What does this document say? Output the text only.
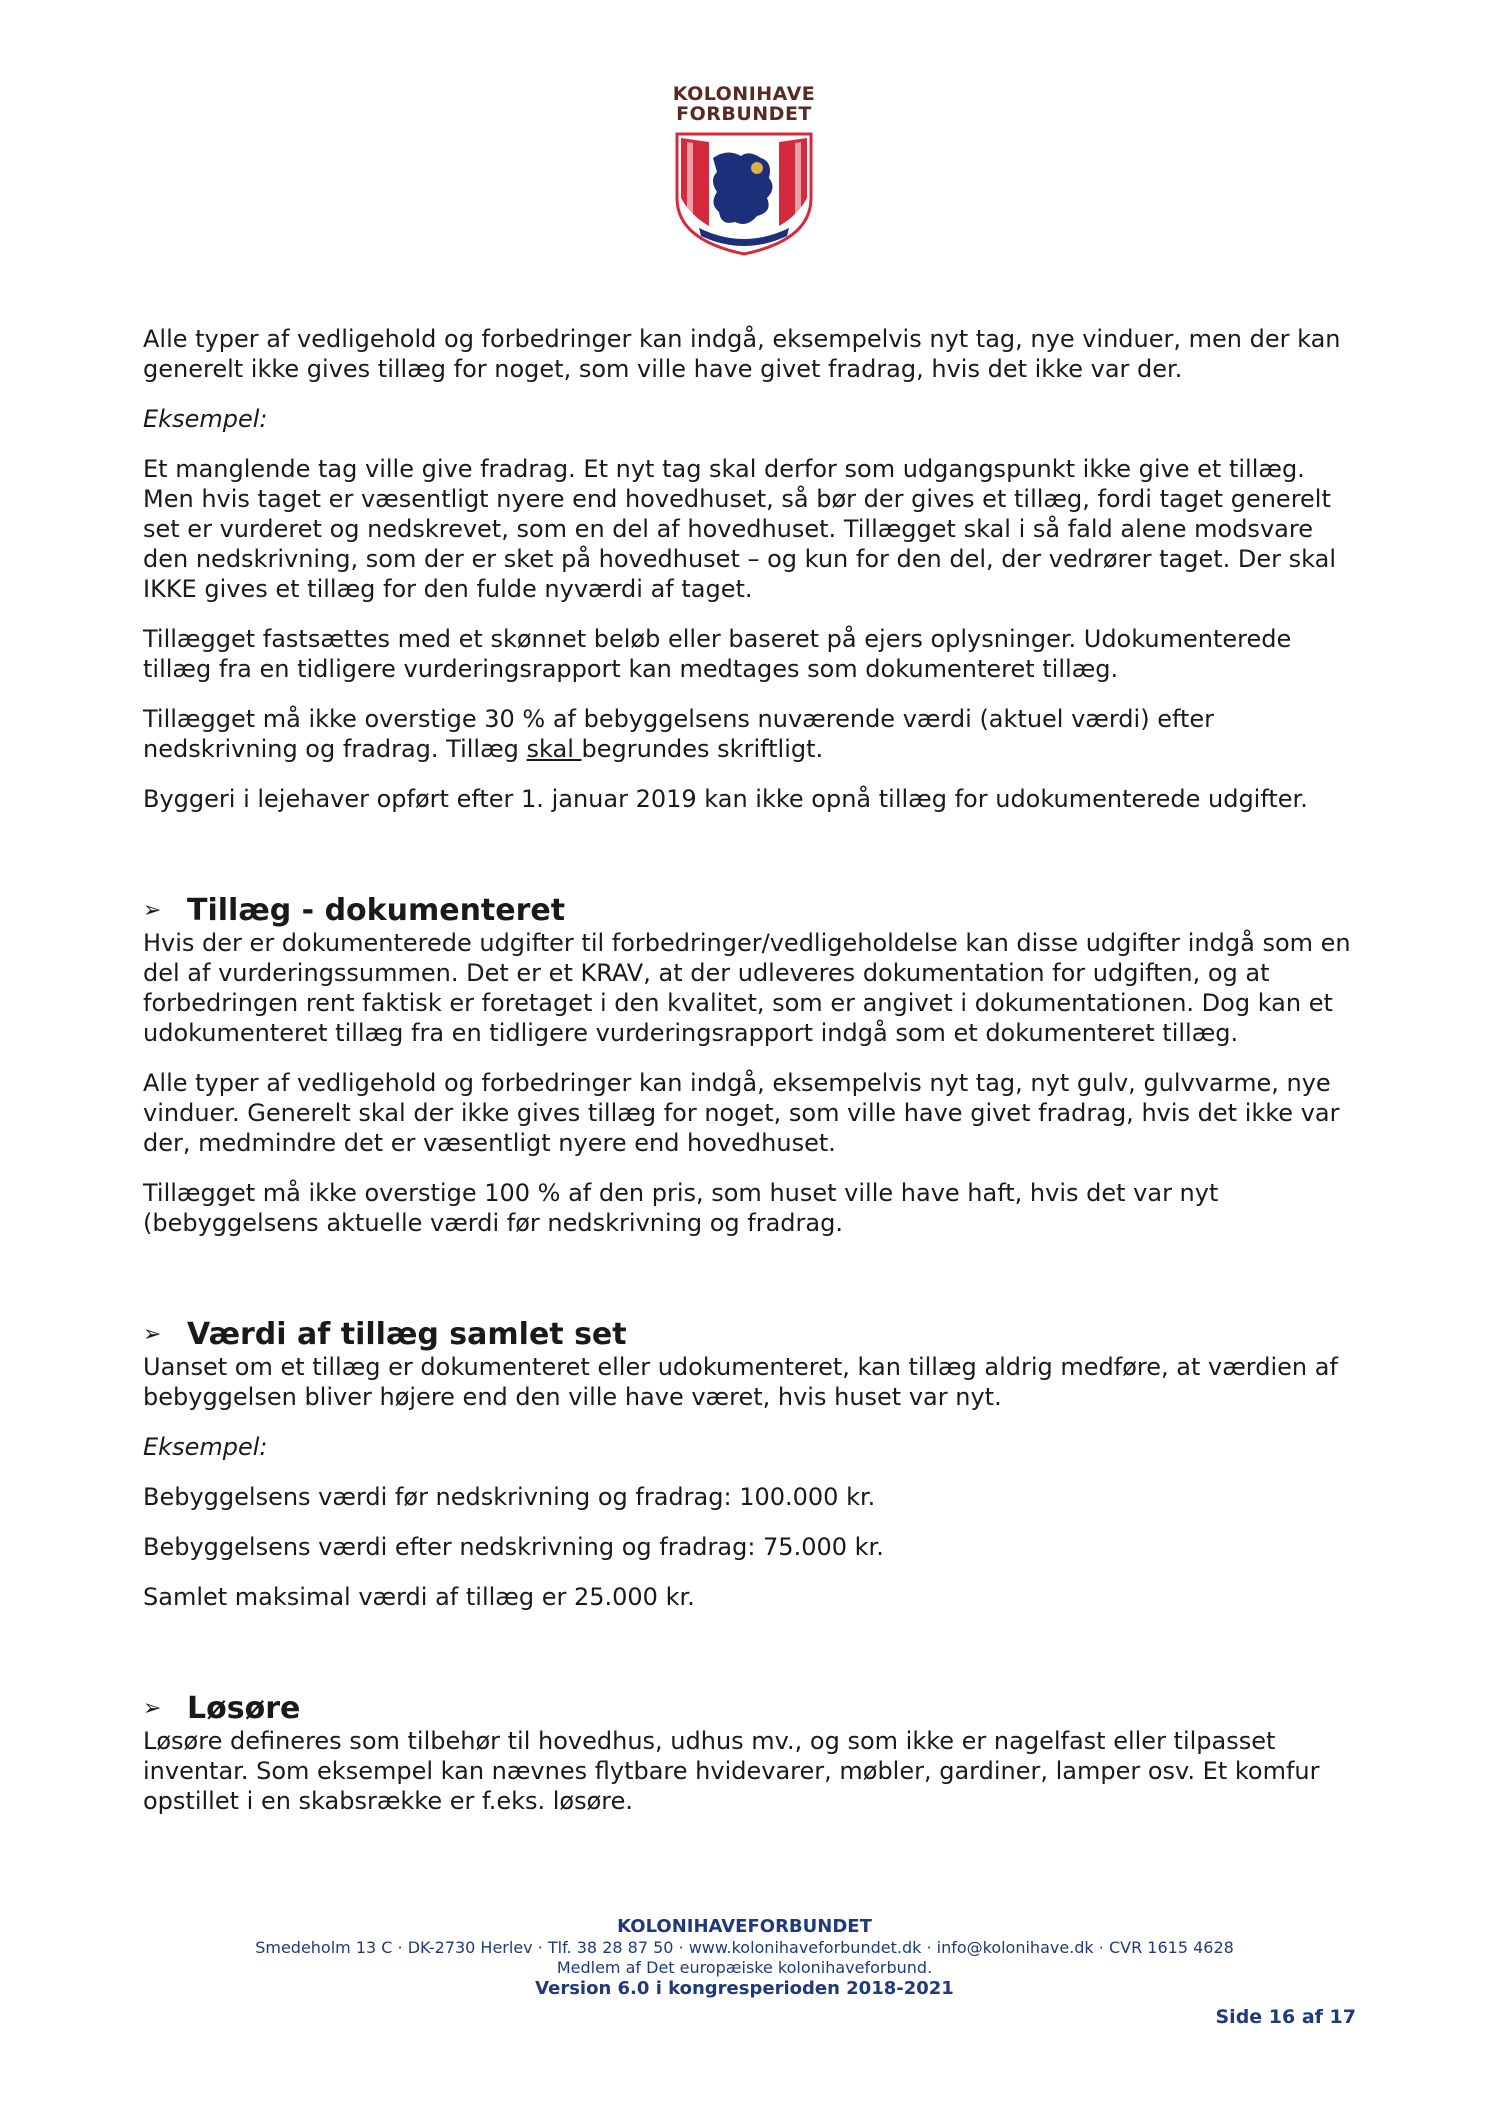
KOLONIHAVE
FORBUNDET

Alle typer af vedligehold og forbedringer kan indgå, eksempelvis nyt tag, nye vinduer, men der kan generelt ikke gives tillæg for noget, som ville have givet fradrag, hvis det ikke var der.

Eksempel:

Et manglende tag ville give fradrag. Et nyt tag skal derfor som udgangspunkt ikke give et tillæg. Men hvis taget er væsentligt nyere end hovedhuset, så bør der gives et tillæg, fordi taget generelt set er vurderet og nedskrevet, som en del af hovedhuset. Tillægget skal i så fald alene modsvare den nedskrivning, som der er sket på hovedhuset – og kun for den del, der vedrører taget. Der skal IKKE gives et tillæg for den fulde nyværdi af taget.

Tillægget fastsættes med et skønnet beløb eller baseret på ejers oplysninger. Udokumenterede tillæg fra en tidligere vurderingsrapport kan medtages som dokumenteret tillæg.

Tillægget må ikke overstige 30 % af bebyggelsens nuværende værdi (aktuel værdi) efter nedskrivning og fradrag. Tillæg skal begrundes skriftligt.

Byggeri i lejehaver opført efter 1. januar 2019 kan ikke opnå tillæg for udokumenterede udgifter.

➢ Tillæg - dokumenteret

Hvis der er dokumenterede udgifter til forbedringer/vedligeholdelse kan disse udgifter indgå som en del af vurderingssummen. Det er et KRAV, at der udleveres dokumentation for udgiften, og at forbedringen rent faktisk er foretaget i den kvalitet, som er angivet i dokumentationen. Dog kan et udokumenteret tillæg fra en tidligere vurderingsrapport indgå som et dokumenteret tillæg.

Alle typer af vedligehold og forbedringer kan indgå, eksempelvis nyt tag, nyt gulv, gulvvarme, nye vinduer. Generelt skal der ikke gives tillæg for noget, som ville have givet fradrag, hvis det ikke var der, medmindre det er væsentligt nyere end hovedhuset.

Tillægget må ikke overstige 100 % af den pris, som huset ville have haft, hvis det var nyt (bebyggelsens aktuelle værdi før nedskrivning og fradrag.

➢ Værdi af tillæg samlet set

Uanset om et tillæg er dokumenteret eller udokumenteret, kan tillæg aldrig medføre, at værdien af bebyggelsen bliver højere end den ville have været, hvis huset var nyt.

Eksempel:

Bebyggelsens værdi før nedskrivning og fradrag: 100.000 kr.

Bebyggelsens værdi efter nedskrivning og fradrag: 75.000 kr.

Samlet maksimal værdi af tillæg er 25.000 kr.

➢ Løsøre

Løsøre defineres som tilbehør til hovedhus, udhus mv., og som ikke er nagelfast eller tilpasset inventar. Som eksempel kan nævnes flytbare hvidevarer, møbler, gardiner, lamper osv. Et komfur opstillet i en skabsrække er f.eks. løsøre.

KOLONIHAVEFORBUNDET
Smedeholm 13 C · DK-2730 Herlev · Tlf. 38 28 87 50 · www.kolonihaveforbundet.dk · info@kolonihave.dk · CVR 1615 4628
Medlem af Det europæiske kolonihaveforbund.
Version 6.0 i kongresperioden 2018-2021
Side 16 af 17
